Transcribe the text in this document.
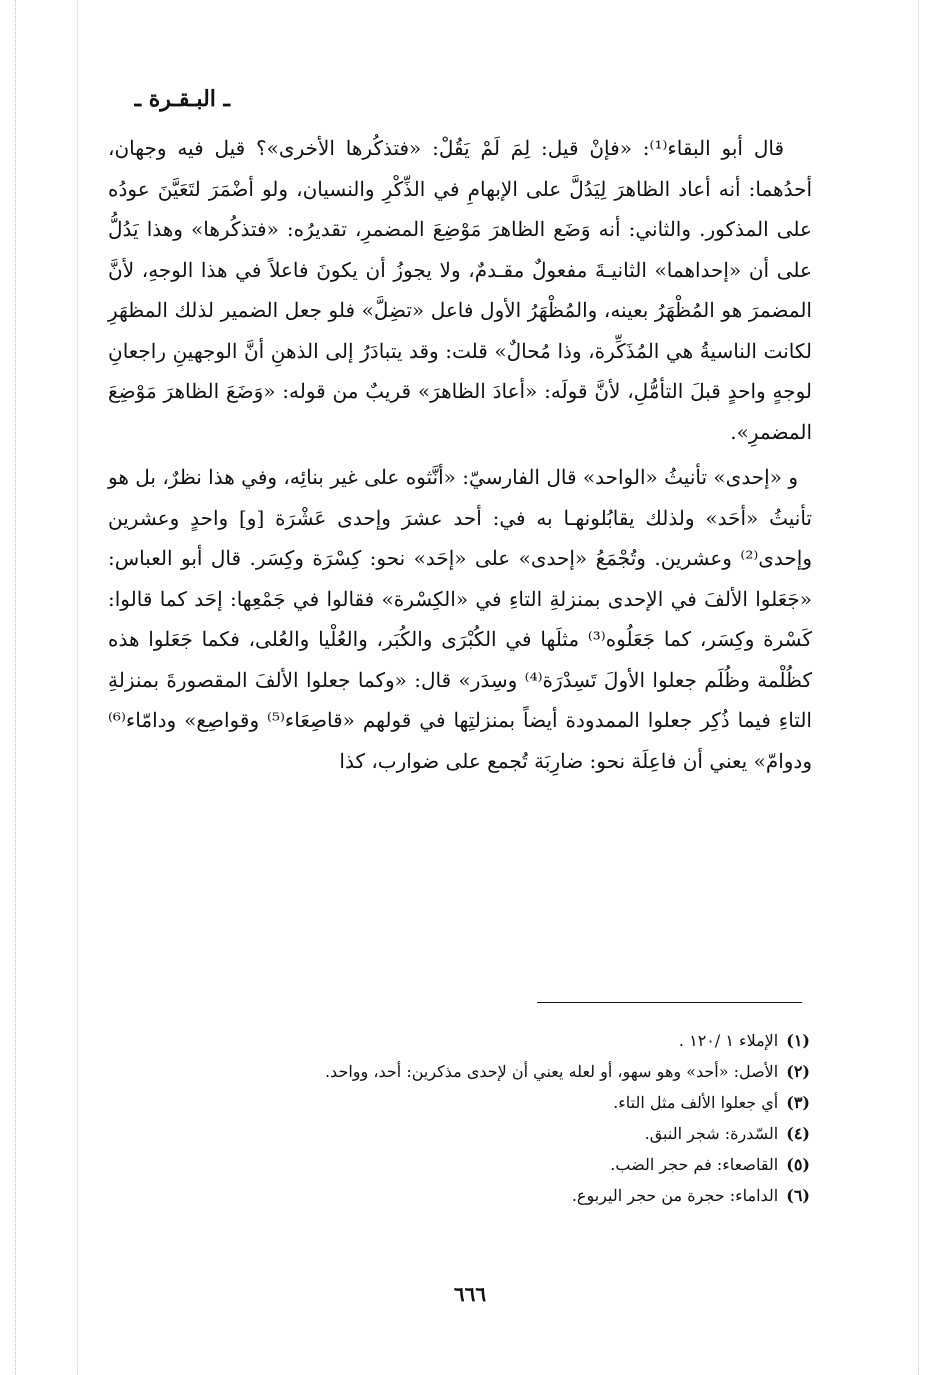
ـ البـقـرة ـ

قال أبو البقاء⁽¹⁾: «فإنْ قيل: لِمَ لَمْ يَقُلْ: «فتذكُرها الأخرى»؟ قيل فيه وجهان، أحدُهما: أنه أعاد الظاهرَ لِيَدُلَّ على الإبهامِ في الذِّكْرِ والنسيان، ولو أضْمَرَ لتَعَيَّنَ عودُه على المذكور. والثاني: أنه وَضَع الظاهرَ مَوْضِعَ المضمرِ، تقديرُه: «فتذكُرها» وهذا يَدُلُّ على أن «إحداهما» الثانيـةَ مفعولٌ مقـدمٌ، ولا يجوزُ أن يكونَ فاعلاً في هذا الوجهِ، لأنَّ المضمرَ هو المُظْهَرُ بعينه، والمُظْهَرُ الأول فاعل «تضِلَّ» فلو جعل الضمير لذلك المظهَرِ لكانت الناسيةُ هي المُذَكِّرة، وذا مُحالٌ» قلت: وقد يتبادَرُ إلى الذهنِ أنَّ الوجهينِ راجعانِ لوجهٍ واحدٍ قبلَ التأمُّلِ، لأنَّ قولَه: «أعادَ الظاهرَ» قريبٌ من قوله: «وَضَعَ الظاهرَ مَوْضِعَ المضمرِ».

و «إحدى» تأنيثُ «الواحد» قال الفارسيّ: «أنَّثوه على غير بنائِه، وفي هذا نظرٌ، بل هو تأنيثُ «أحَد» ولذلك يقابُلونهـا به في: أحد عشرَ وإحدى عَشْرَة [و] واحدٍ وعشرين وإحدى⁽²⁾ وعشرين. وتُجْمَعُ «إحدى» على «إحَد» نحو: كِسْرَة وكِسَر. قال أبو العباس: «جَعَلوا الألفَ في الإحدى بمنزلةِ التاءِ في «الكِسْرة» فقالوا في جَمْعِها: إحَد كما قالوا: كَسْرة وكِسَر، كما جَعَلُوه⁽³⁾ مثلَها في الكُبْرَى والكُبَر، والعُلْيا والعُلى، فكما جَعَلوا هذه كظُلْمة وظُلَم جعلوا الأولَ تَسِدْرَة⁽⁴⁾ وسِدَر» قال: «وكما جعلوا الألفَ المقصورةَ بمنزلةِ التاءِ فيما ذُكِر جعلوا الممدودة أيضاً بمنزلتِها في قولهم «قاصِعَاء⁽⁵⁾ وقواصِع» ودامّاء⁽⁶⁾ ودوامّ» يعني أن فاعِلَة نحو: ضارِبَة تُجمع على ضوارب، كذا

(١)
الإملاء ١ /١٢٠ .
(٢)
الأصل: «أحد» وهو سهو، أو لعله يعني أن لإحدى مذكرين: أحد، وواحد.
(٣)
أي جعلوا الألف مثل التاء.
(٤)
السّدرة: شجر النبق.
(٥)
القاصعاء: فم حجر الضب.
(٦)
الداماء: حجرة من حجر اليربوع.
٦٦٦
